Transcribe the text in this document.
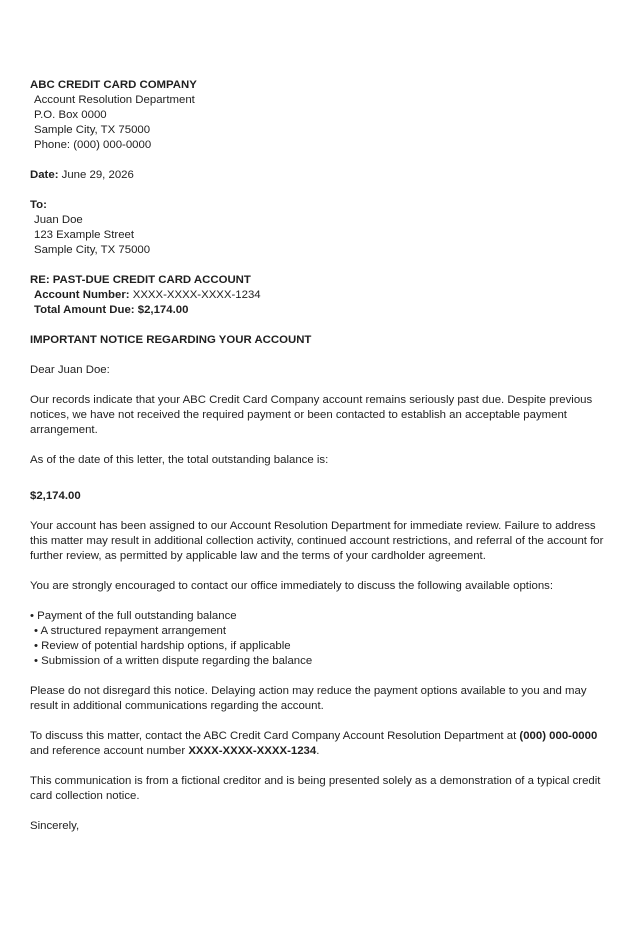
ABC CREDIT CARD COMPANY
Account Resolution Department
P.O. Box 0000
Sample City, TX 75000
Phone: (000) 000-0000
Date: June 29, 2026
To:
Juan Doe
123 Example Street
Sample City, TX 75000
RE: PAST-DUE CREDIT CARD ACCOUNT
Account Number: XXXX-XXXX-XXXX-1234
Total Amount Due: $2,174.00
IMPORTANT NOTICE REGARDING YOUR ACCOUNT
Dear Juan Doe:

Our records indicate that your ABC Credit Card Company account remains seriously past due. Despite previous notices, we have not received the required payment or been contacted to establish an acceptable payment arrangement.

As of the date of this letter, the total outstanding balance is:

$2,174.00

Your account has been assigned to our Account Resolution Department for immediate review. Failure to address this matter may result in additional collection activity, continued account restrictions, and referral of the account for further review, as permitted by applicable law and the terms of your cardholder agreement.

You are strongly encouraged to contact our office immediately to discuss the following available options:

• Payment of the full outstanding balance
• A structured repayment arrangement
• Review of potential hardship options, if applicable
• Submission of a written dispute regarding the balance

Please do not disregard this notice. Delaying action may reduce the payment options available to you and may result in additional communications regarding the account.

To discuss this matter, contact the ABC Credit Card Company Account Resolution Department at (000) 000-0000 and reference account number XXXX-XXXX-XXXX-1234.

This communication is from a fictional creditor and is being presented solely as a demonstration of a typical credit card collection notice.

Sincerely,
